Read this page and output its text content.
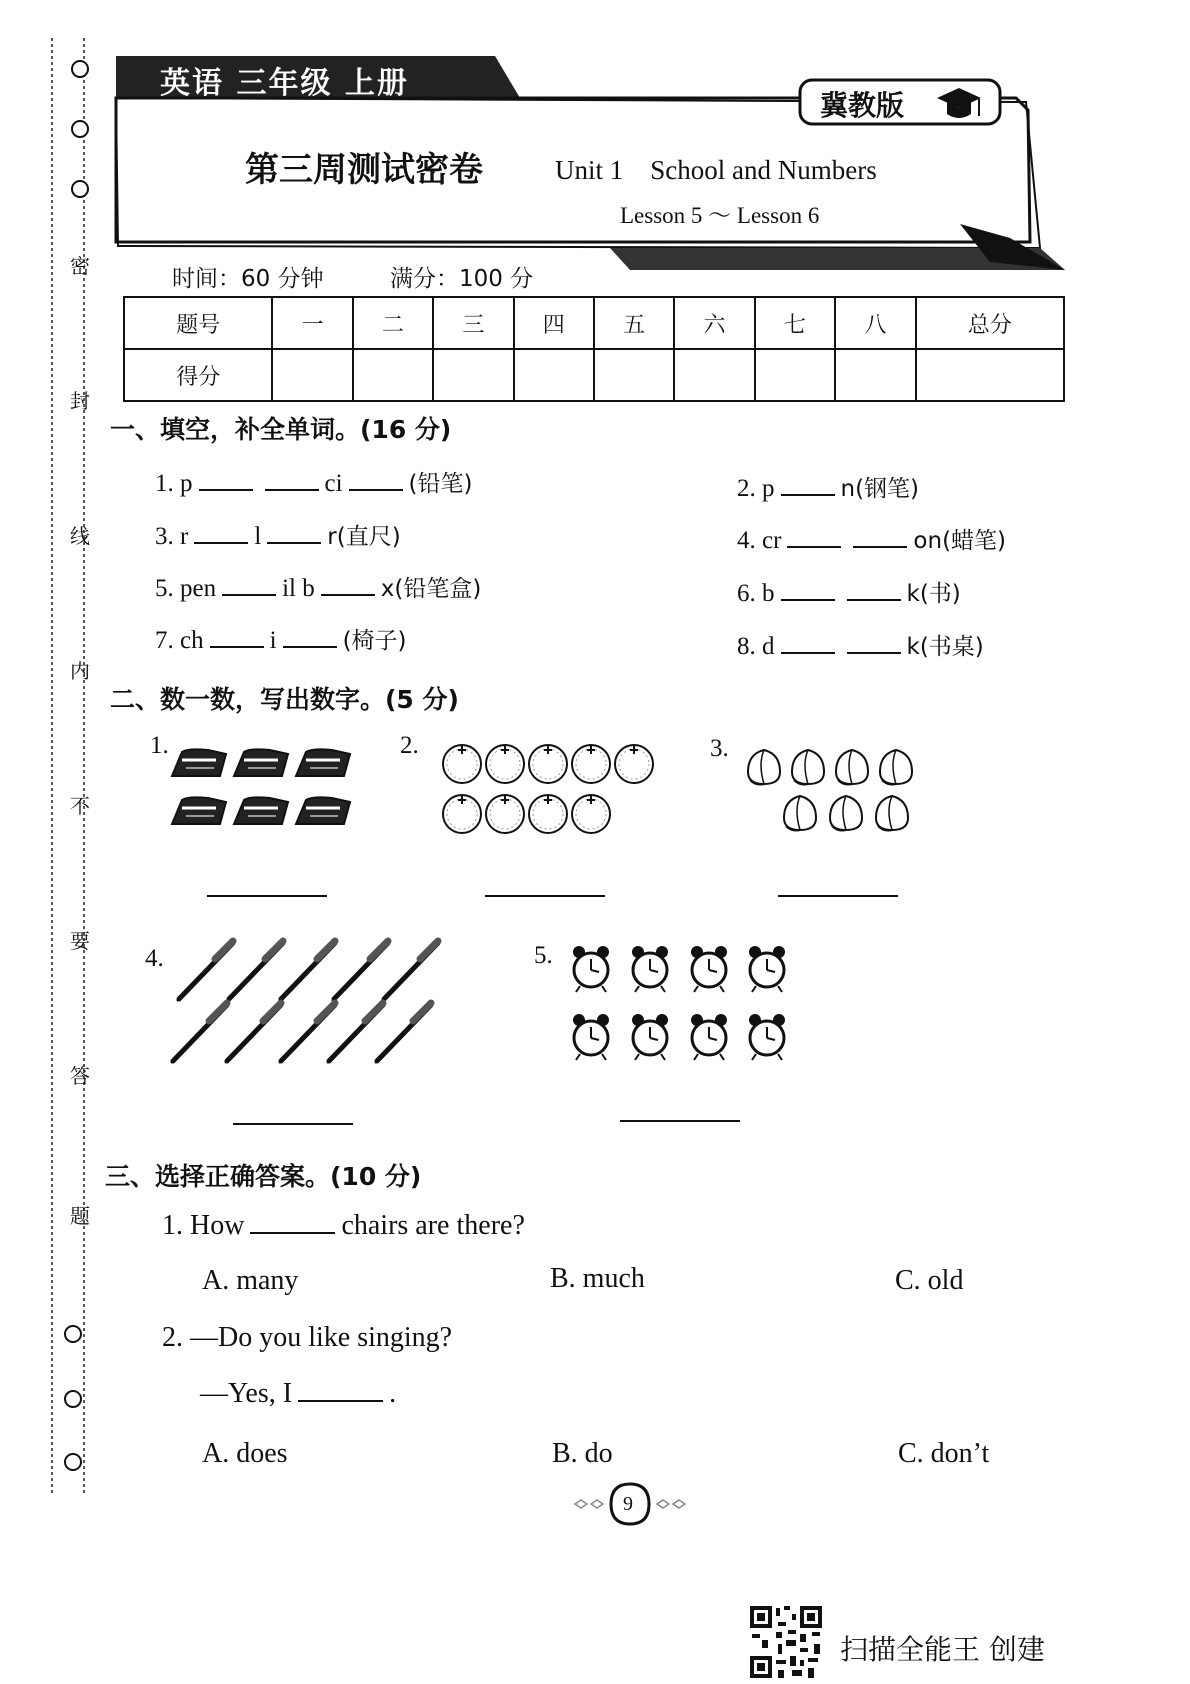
密
封
线
内
不
要
答
题
英语 三年级 上册
冀教版
第三周测试密卷	Unit 1　School and Numbers
Lesson 5 ～ Lesson 6
时间：60 分钟	满分：100 分
题号	一	二	三	四	五	六	七	八	总分
得分									
一、填空，补全单词。(16 分)
1. p	ci	(铅笔)	2. p	n(钢笔)
3. r	l	r(直尺)	4. cr	on(蜡笔)
5. pen	il b	x(铅笔盒)	6. b	k(书)
7. ch	i	(椅子)	8. d	k(书桌)
二、数一数，写出数字。(5 分)
1.	2.	3.
4.	5.
三、选择正确答案。(10 分)
1. How	chairs are there?
A. many	B. much	C. old
2. —Do you like singing?
—Yes, I	.
A. does	B. do	C. don’t
9
扫描全能王 创建
